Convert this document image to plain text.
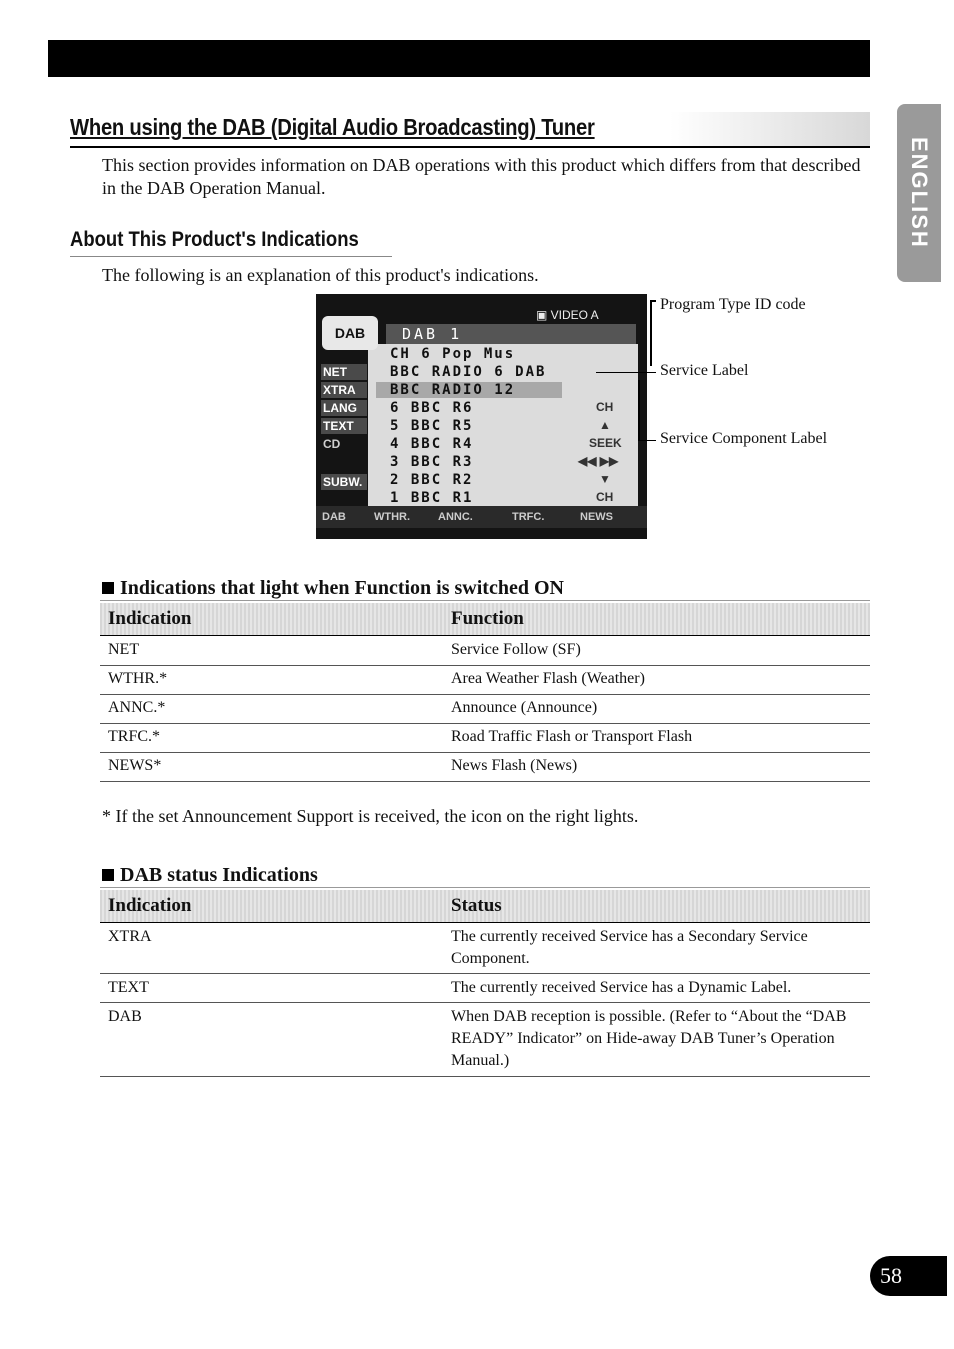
When using the DAB (Digital Audio Broadcasting) Tuner
This section provides information on DAB operations with this product which differs from that described in the DAB Operation Manual.
About This Product's Indications
The following is an explanation of this product's indications.
ENGLISH
DAB
▣ VIDEO A
DAB 1
NET
XTRA
LANG
TEXT
CD
SUBW.
CH 6 Pop Mus
BBC RADIO 6 DAB
BBC RADIO 12
6 BBC R6
5 BBC R5
4 BBC R4
3 BBC R3
2 BBC R2
1 BBC R1
CH
▲
SEEK
◀◀ ▶▶
▼
CH
DAB	WTHR.	ANNC.	TRFC.	NEWS
Program Type ID code
Service Label
Service Component Label
Indications that light when Function is switched ON
Indication	Function
NET	Service Follow (SF)
WTHR.*	Area Weather Flash (Weather)
ANNC.*	Announce (Announce)
TRFC.*	Road Traffic Flash or Transport Flash
NEWS*	News Flash (News)
* If the set Announcement Support is received, the icon on the right lights.
DAB status Indications
Indication	Status
XTRA	The currently received Service has a Secondary Service Component.
TEXT	The currently received Service has a Dynamic Label.
DAB	When DAB reception is possible. (Refer to “About the “DAB READY” Indicator” on Hide-away DAB Tuner’s Operation Manual.)
58
